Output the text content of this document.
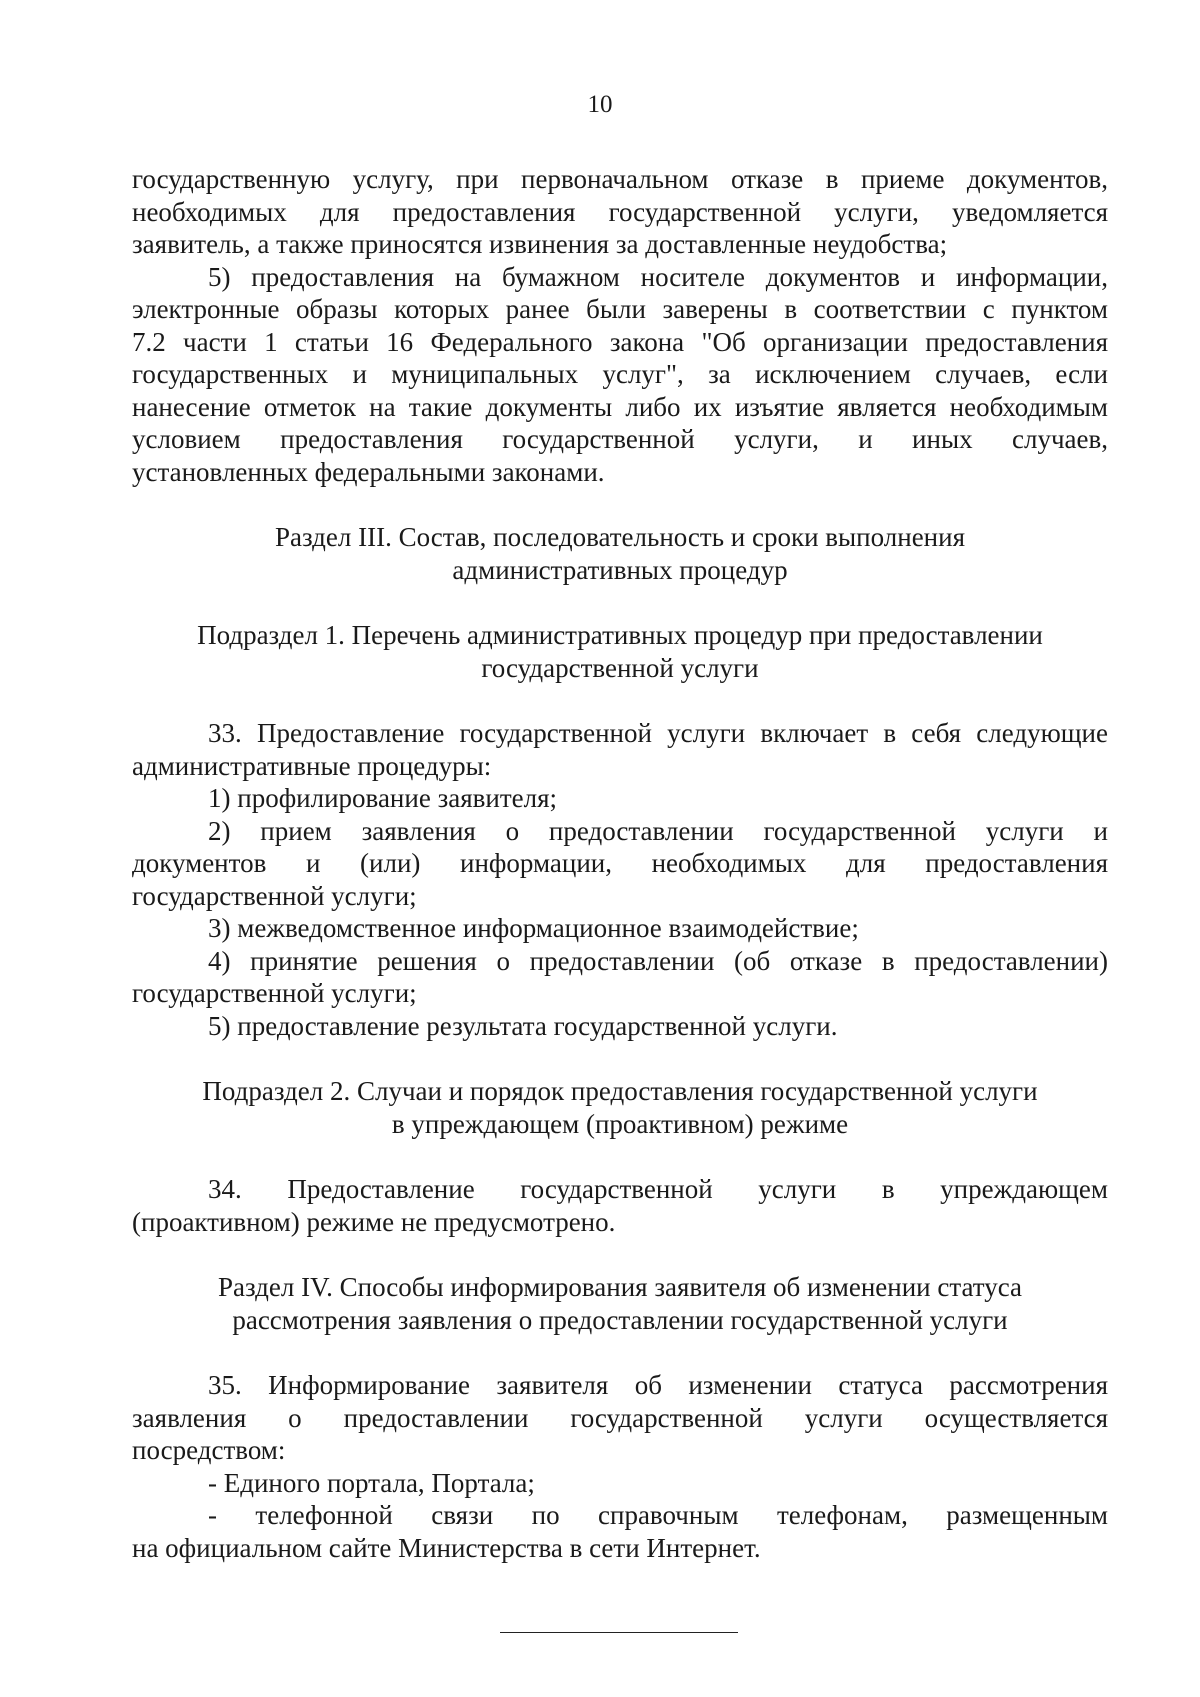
10

государственную услугу, при первоначальном отказе в приеме документов,
необходимых для предоставления государственной услуги, уведомляется
заявитель, а также приносятся извинения за доставленные неудобства;

5) предоставления на бумажном носителе документов и информации,
электронные образы которых ранее были заверены в соответствии с пунктом
7.2 части 1 статьи 16 Федерального закона "Об организации предоставления
государственных и муниципальных услуг", за исключением случаев, если
нанесение отметок на такие документы либо их изъятие является необходимым
условием предоставления государственной услуги, и иных случаев,
установленных федеральными законами.

Раздел III. Состав, последовательность и сроки выполнения
административных процедур

Подраздел 1. Перечень административных процедур при предоставлении
государственной услуги

33. Предоставление государственной услуги включает в себя следующие
административные процедуры:

1) профилирование заявителя;

2) прием заявления о предоставлении государственной услуги и
документов и (или) информации, необходимых для предоставления
государственной услуги;

3) межведомственное информационное взаимодействие;

4) принятие решения о предоставлении (об отказе в предоставлении)
государственной услуги;

5) предоставление результата государственной услуги.

Подраздел 2. Случаи и порядок предоставления государственной услуги
в упреждающем (проактивном) режиме

34. Предоставление государственной услуги в упреждающем
(проактивном) режиме не предусмотрено.

Раздел IV. Способы информирования заявителя об изменении статуса
рассмотрения заявления о предоставлении государственной услуги

35. Информирование заявителя об изменении статуса рассмотрения
заявления о предоставлении государственной услуги осуществляется
посредством:

- Единого портала, Портала;

- телефонной связи по справочным телефонам, размещенным
на официальном сайте Министерства в сети Интернет.
